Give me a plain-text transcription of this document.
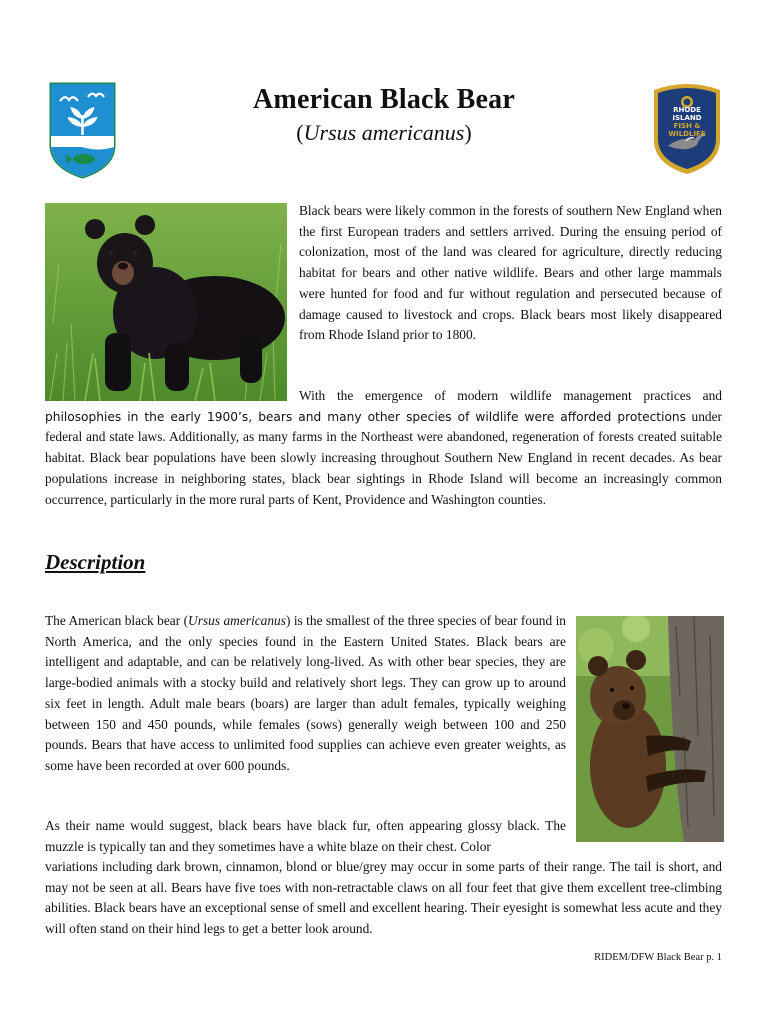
American Black Bear
(Ursus americanus)
RHODE ISLAND
FISH & WILDLIFE

Black bears were likely common in the forests of southern New England when the first European traders and settlers arrived. During the ensuing period of colonization, most of the land was cleared for agriculture, directly reducing habitat for bears and other native wildlife. Bears and other large mammals were hunted for food and fur without regulation and persecuted because of damage caused to livestock and crops. Black bears most likely disappeared from Rhode Island prior to 1800.

With the emergence of modern wildlife management practices and philosophies in the early 1900’s, bears and many other species of wildlife were afforded protections under federal and state laws. Additionally, as many farms in the Northeast were abandoned, regeneration of forests created suitable habitat. Black bear populations have been slowly increasing throughout Southern New England in recent decades. As bear populations increase in neighboring states, black bear sightings in Rhode Island will become an increasingly common occurrence, particularly in the more rural parts of Kent, Providence and Washington counties.

Description

The American black bear (Ursus americanus) is the smallest of the three species of bear found in North America, and the only species found in the Eastern United States. Black bears are intelligent and adaptable, and can be relatively long-lived. As with other bear species, they are large-bodied animals with a stocky build and relatively short legs. They can grow up to around six feet in length. Adult male bears (boars) are larger than adult females, typically weighing between 150 and 450 pounds, while females (sows) generally weigh between 100 and 250 pounds. Bears that have access to unlimited food supplies can achieve even greater weights, as some have been recorded at over 600 pounds.

As their name would suggest, black bears have black fur, often appearing glossy black. The muzzle is typically tan and they sometimes have a white blaze on their chest. Color

variations including dark brown, cinnamon, blond or blue/grey may occur in some parts of their range. The tail is short, and may not be seen at all. Bears have five toes with non-retractable claws on all four feet that give them excellent tree-climbing abilities. Black bears have an exceptional sense of smell and excellent hearing. Their eyesight is somewhat less acute and they will often stand on their hind legs to get a better look around.

RIDEM/DFW Black Bear p. 1
